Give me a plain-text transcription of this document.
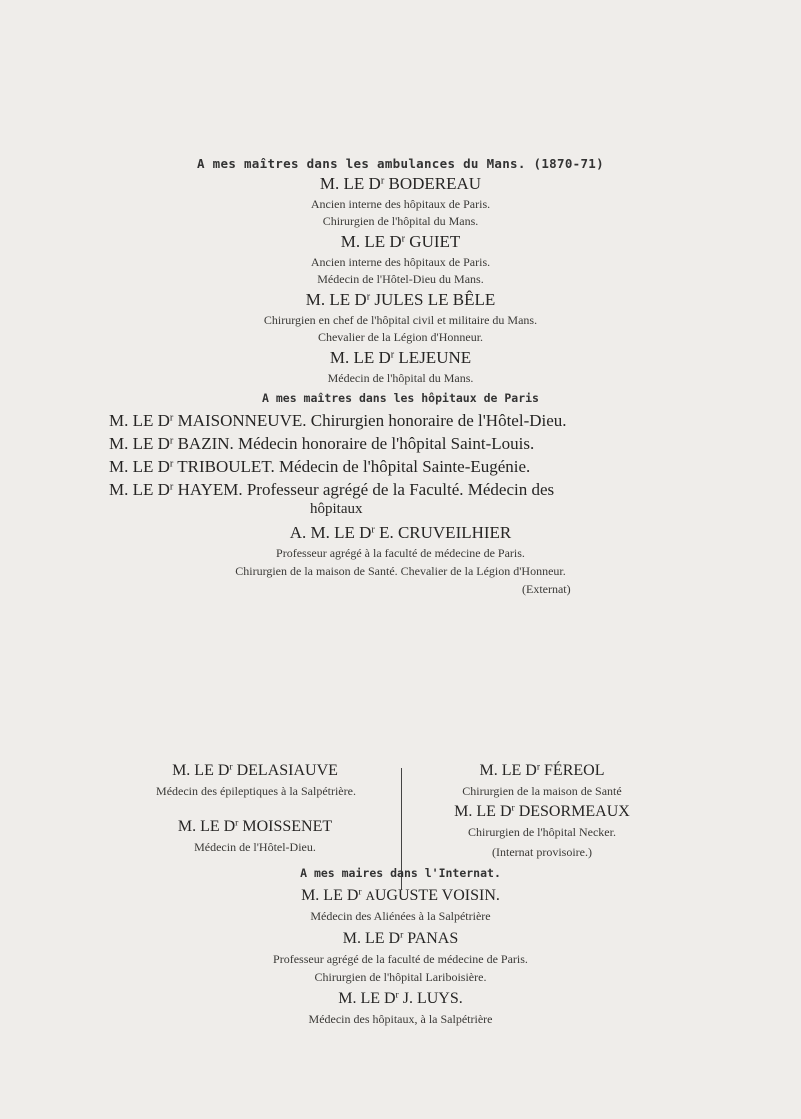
A mes maîtres dans les ambulances du Mans. (1870-71)
M. LE $D^r$ BODEREAU
Ancien interne des hôpitaux de Paris.
Chirurgien de l'hôpital du Mans.
M. LE $D^r$ GUIET
Ancien interne des hôpitaux de Paris.
Médecin de l'Hôtel-Dieu du Mans.
M. LE $D^r$ JULES LE BÊLE
Chirurgien en chef de l'hôpital civil et militaire du Mans.
Chevalier de la Légion d'Honneur.
M. LE $D^r$ LEJEUNE
Médecin de l'hôpital du Mans.
A mes maîtres dans les hôpitaux de Paris
M. LE $D^r$ MAISONNEUVE. Chirurgien honoraire de l'Hôtel-Dieu.
M. LE $D^r$ BAZIN. Médecin honoraire de l'hôpital Saint-Louis.
M. LE $D^r$ TRIBOULET. Médecin de l'hôpital Sainte-Eugénie.
M. LE $D^r$ HAYEM. Professeur agrégé de la Faculté. Médecin des
hôpitaux
A. M. LE $D^r$ E. CRUVEILHIER
Professeur agrégé à la faculté de médecine de Paris.
Chirurgien de la maison de Santé. Chevalier de la Légion d'Honneur.
(Externat)
M. LE $D^r$ DELASIAUVE
Médecin des épileptiques à la Salpétrière.
M. LE $D^r$ MOISSENET
Médecin de l'Hôtel-Dieu.
M. LE $D^r$ FÉREOL
Chirurgien de la maison de Santé
M. LE $D^r$ DESORMEAUX
Chirurgien de l'hôpital Necker.
(Internat provisoire.)
A mes maires dans l'Internat.
M. LE $D^r$ AUGUSTE VOISIN.
Médecin des Aliénées à la Salpétrière
M. LE $D^r$ PANAS
Professeur agrégé de la faculté de médecine de Paris.
Chirurgien de l'hôpital Lariboisière.
M. LE $D^r$ J. LUYS.
Médecin des hôpitaux, à la Salpétrière
